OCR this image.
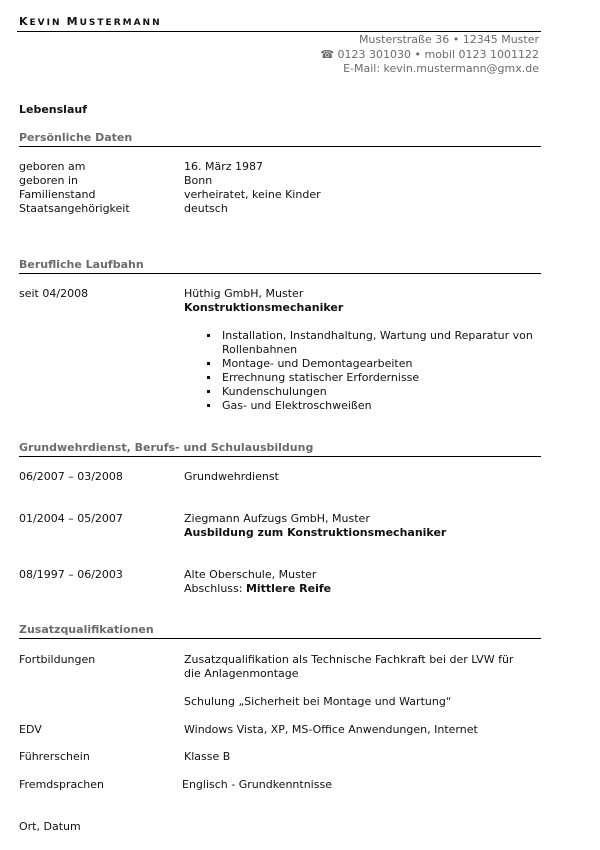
KEVIN MUSTERMANN
Musterstraße 36 • 12345 Muster
☎ 0123 301030 • mobil 0123 1001122
E-Mail: kevin.mustermann@gmx.de
Lebenslauf
Persönliche Daten
geboren am	16. März 1987
geboren in	Bonn
Familienstand	verheiratet, keine Kinder
Staatsangehörigkeit	deutsch
Berufliche Laufbahn
seit 04/2008	Hüthig GmbH, Muster
Konstruktionsmechaniker
Installation, Instandhaltung, Wartung und Reparatur von Rollenbahnen
Montage- und Demontagearbeiten
Errechnung statischer Erfordernisse
Kundenschulungen
Gas- und Elektroschweißen
Grundwehrdienst, Berufs- und Schulausbildung
06/2007 – 03/2008	Grundwehrdienst
01/2004 – 05/2007	Ziegmann Aufzugs GmbH, Muster
Ausbildung zum Konstruktionsmechaniker
08/1997 – 06/2003	Alte Oberschule, Muster
Abschluss: Mittlere Reife
Zusatzqualifikationen
Fortbildungen	Zusatzqualifikation als Technische Fachkraft bei der LVW für die Anlagenmontage
Schulung „Sicherheit bei Montage und Wartung“
EDV	Windows Vista, XP, MS-Office Anwendungen, Internet
Führerschein	Klasse B
Fremdsprachen	Englisch - Grundkenntnisse
Ort, Datum
